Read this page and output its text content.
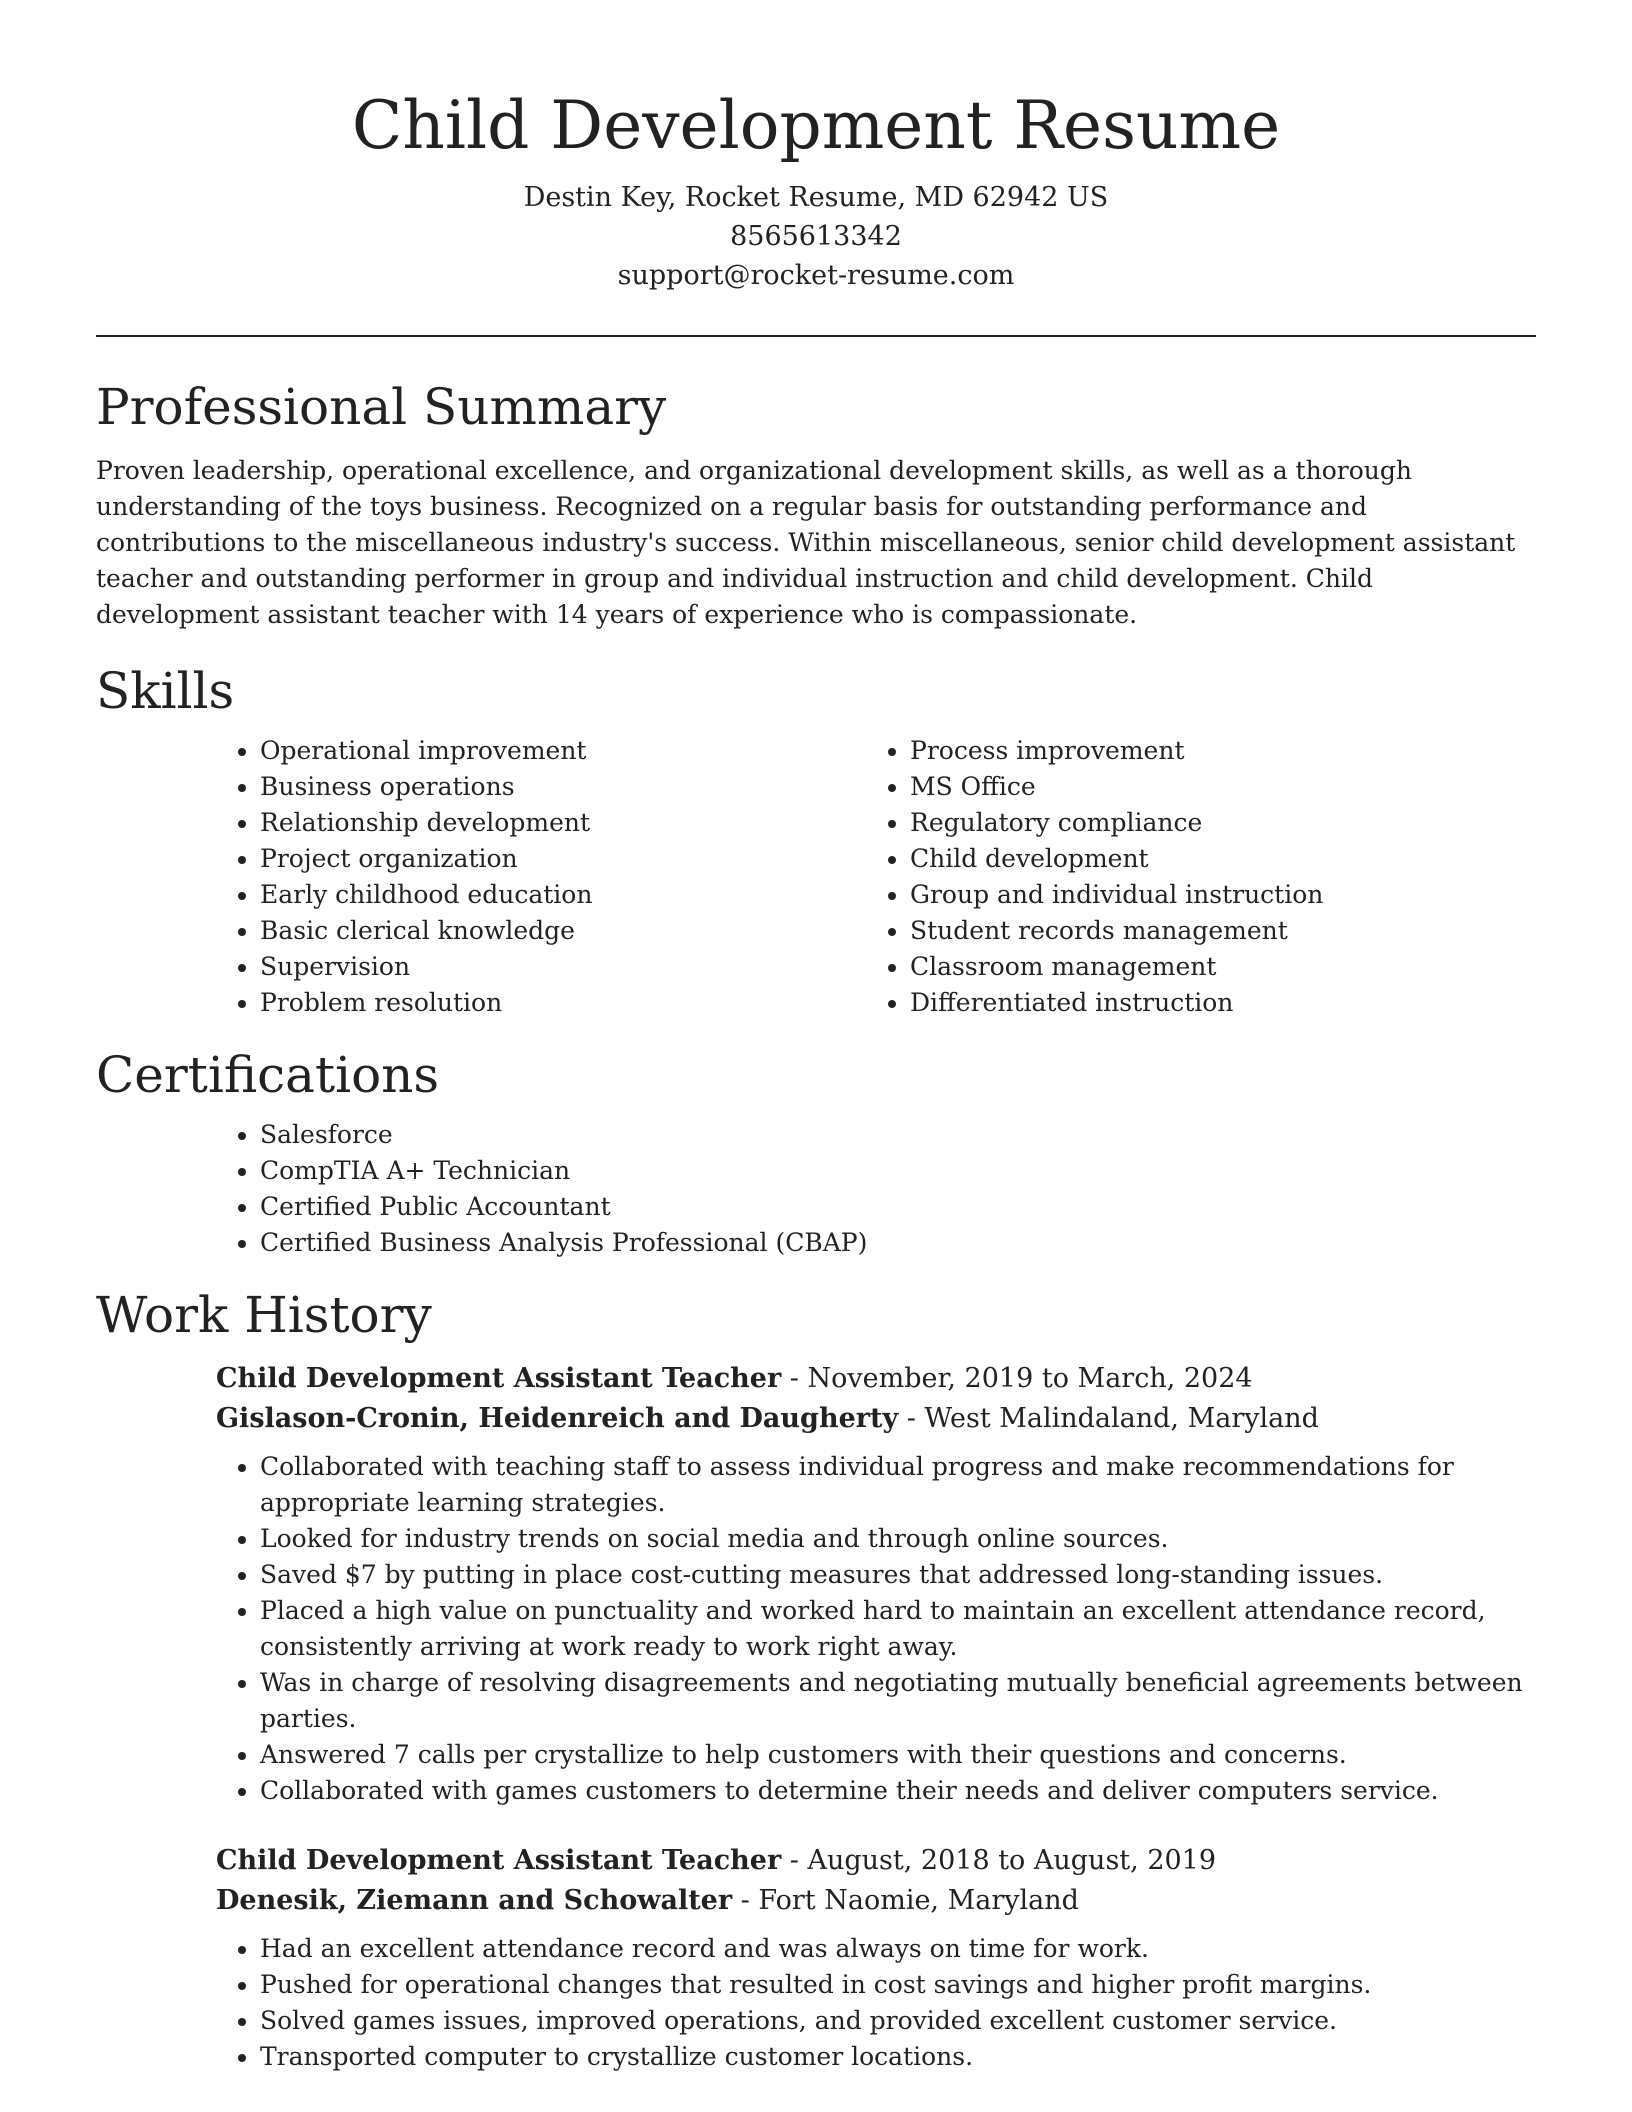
Child Development Resume

Destin Key, Rocket Resume, MD 62942 US

8565613342

support@rocket-resume.com

Professional Summary

Proven leadership, operational excellence, and organizational development skills, as well as a thorough understanding of the toys business. Recognized on a regular basis for outstanding performance and contributions to the miscellaneous industry's success. Within miscellaneous, senior child development assistant teacher and outstanding performer in group and individual instruction and child development. Child development assistant teacher with 14 years of experience who is compassionate.

Skills
• Operational improvement
• Business operations
• Relationship development
• Project organization
• Early childhood education
• Basic clerical knowledge
• Supervision
• Problem resolution
• Process improvement
• MS Office
• Regulatory compliance
• Child development
• Group and individual instruction
• Student records management
• Classroom management
• Differentiated instruction
Certifications
• Salesforce
• CompTIA A+ Technician
• Certified Public Accountant
• Certified Business Analysis Professional (CBAP)
Work History

Child Development Assistant Teacher - November, 2019 to March, 2024

Gislason-Cronin, Heidenreich and Daugherty - West Malindaland, Maryland

• Collaborated with teaching staff to assess individual progress and make recommendations for appropriate learning strategies.
• Looked for industry trends on social media and through online sources.
• Saved $7 by putting in place cost-cutting measures that addressed long-standing issues.
• Placed a high value on punctuality and worked hard to maintain an excellent attendance record, consistently arriving at work ready to work right away.
• Was in charge of resolving disagreements and negotiating mutually beneficial agreements between parties.
• Answered 7 calls per crystallize to help customers with their questions and concerns.
• Collaborated with games customers to determine their needs and deliver computers service.

Child Development Assistant Teacher - August, 2018 to August, 2019

Denesik, Ziemann and Schowalter - Fort Naomie, Maryland

• Had an excellent attendance record and was always on time for work.
• Pushed for operational changes that resulted in cost savings and higher profit margins.
• Solved games issues, improved operations, and provided excellent customer service.
• Transported computer to crystallize customer locations.
